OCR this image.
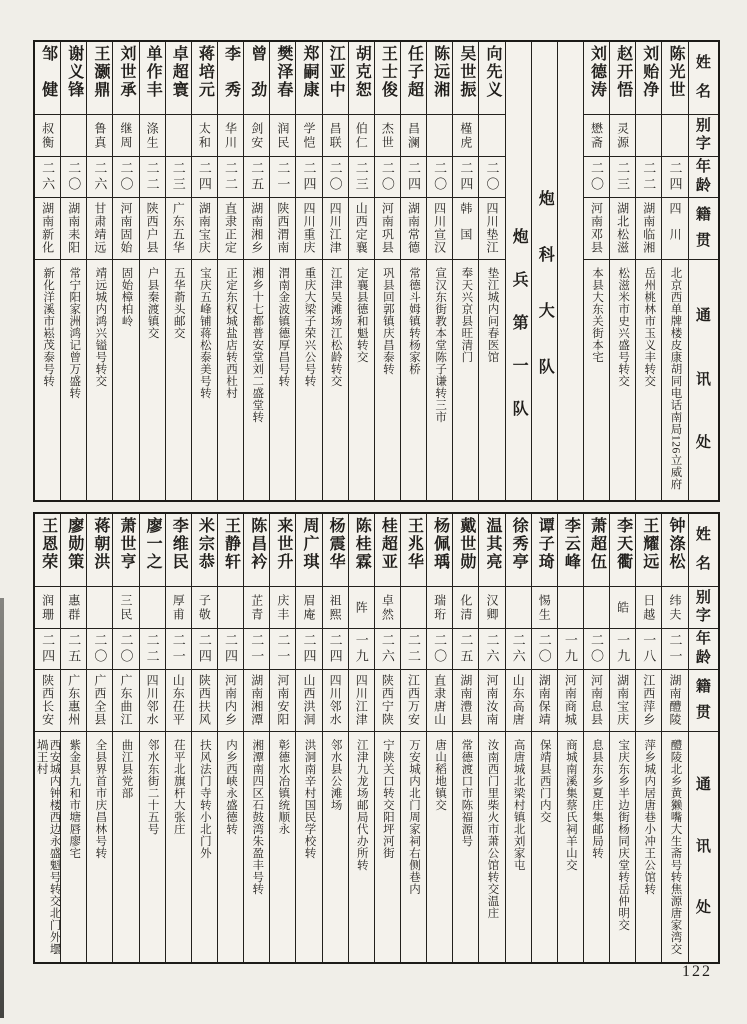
邹　健
叔衡
二六
湖南新化
新化洋溪市崧茂泰号转
谢义锋
二〇
湖南耒阳
常宁阳家洲鸿记曾万盛转
王灏鼎
鲁真
二六
甘肃靖远
靖远城内鸿兴镒号转交
刘世承
继周
二〇
河南固始
固始樟柏岭
单作丰
涤生
二二
陕西户县
户县秦渡镇交
卓超寰
二三
广东五华
五华萮头邮交
蒋培元
太和
二四
湖南宝庆
宝庆五峰铺蒋松泰美号转
李　秀
华川
二二
直隶正定
正定东权城盐店转西杜村
曾　劲
剑安
二五
湖南湘乡
湘乡十七都普安堂刘二盛堂转
樊泽春
润民
二一
陕西渭南
渭南金波镇德厚昌号转
郑嗣康
学恺
二四
四川重庆
重庆大梁子荣兴公号转
江亚中
昌联
二〇
四川江津
江津吴滩场江松龄转交
胡克恕
伯仁
二三
山西定襄
定襄县德和魁转交
王士俊
杰世
二〇
河南巩县
巩县回郭镇庆昌泰转
任子超
昌澜
二四
湖南常德
常德斗姆镇转杨家桥
陈远湘
二〇
四川宣汉
宣汉东街教本堂陈子谦转三市
吴世振
槿虎
二四
韩　国
奉天兴京县旺清门
向先义
二〇
四川垫江
垫江城内问春医馆 炮兵第一队 炮科大队
刘德涛
懋斋
二〇
河南邓县
本县大东关街本宅
赵开悟
灵源
二三
湖北松滋
松滋米市史兴盛号转交
刘贻净
二二
湖南临湘
岳州桃林市玉义丰转交
陈光世
二四
四　川
北京西单牌楼皮康胡同电话南局126立威府
姓
名
别
字
年
龄
籍
贯
通
讯
处
王恩荣
润珊
二四
陕西长安
西安城内钟楼西边永盛魁号转交北门外壜堝王村
廖勋策
惠群
二五
广东惠州
紫金县九和市塘唇廖宅
蒋朝洪
二〇
广西全县
全县界首市庆昌林号转
萧世亨
三民
二〇
广东曲江
曲江县党部
廖一之
二二
四川邻水
邻水东街二十五号
李维民
厚甫
二一
山东茌平
茌平北旗杆大张庄
米宗恭
子敬
二四
陕西扶风
扶风法门寺转小北门外
王静轩
二四
河南内乡
内乡西峡永盛德转
陈昌衿
芷青
二一
湖南湘潭
湘潭南四区石鼓湾朱盈丰号转
来世升
庆丰
二一
河南安阳
彰德水冶镇统顺永
周广琪
眉庵
二四
山西洪洞
洪洞南辛村国民学校转
杨震华
祖熙
二四
四川邻水
邻水县公滩场
陈桂霖
阵
一九
四川江津
江津九龙场邮局代办所转
桂超亚
卓然
二六
陕西宁陕
宁陕关口转交阳坪河街
王兆华
二二
江西万安
万安城内北门周家祠右侧巷内
杨佩瑀
瑞珩
二〇
直隶唐山
唐山稻地镇交
戴世勋
化清
二五
湖南澧县
常德渡口市陈福源号
温其亮
汉卿
二六
河南汝南
汝南西门里柴火市萧公馆转交温庄
徐秀亭
二六
山东高唐
高唐城北梁村镇北刘家屯
谭子琦
惕生
二〇
湖南保靖
保靖县西门内交
李云峰
一九
河南商城
商城南溪集蔡氏祠羊山交
萧超伍
二〇
河南息县
息县东乡夏庄集邮局转
李天衢
皓
一九
湖南宝庆
宝庆东乡半边街杨同庆堂转岳仲明交
王耀远
日越
一八
江西萍乡
萍乡城内居唐巷小冲王公馆转
钟涤松
纬夫
二一
湖南醴陵
醴陵北乡黄獭嘴大生斋号转焦源唐家湾交
姓
名
别
字
年
龄
籍
贯
通
讯
处
122
